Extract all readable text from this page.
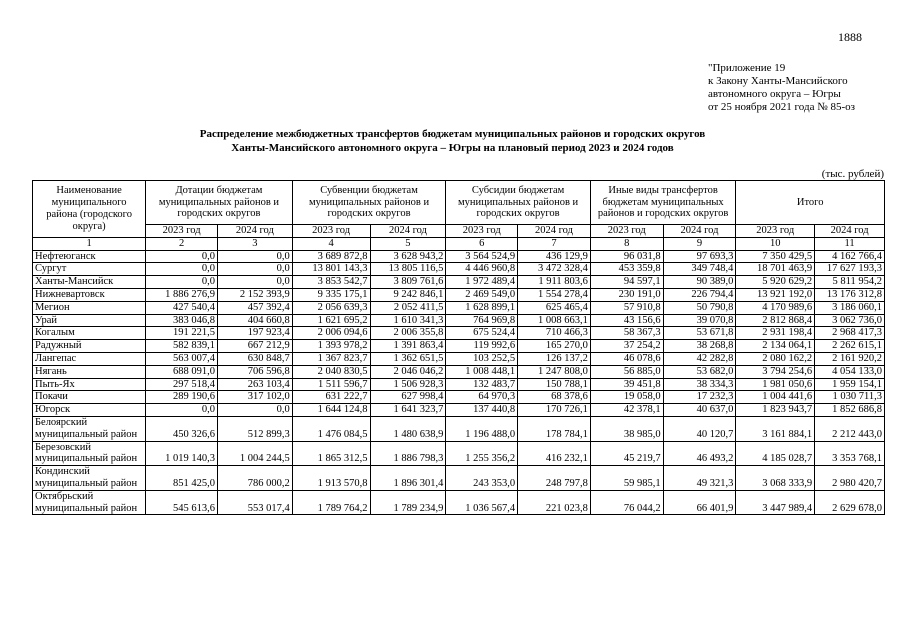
1888
"Приложение 19
к Закону Ханты-Мансийского
автономного округа – Югры
от 25 ноября 2021 года № 85-оз
Распределение межбюджетных трансфертов бюджетам муниципальных районов и городских округов
Ханты-Мансийского автономного округа – Югры на плановый период 2023 и 2024 годов
(тыс. рублей)
Наименование муниципального района (городского округа)	Дотации бюджетам муниципальных районов и городских округов		Субвенции бюджетам муниципальных районов и городских округов		Субсидии бюджетам муниципальных районов и городских округов		Иные виды трансфертов бюджетам муниципальных районов и городских округов		Итого	
	2023 год	2024 год	2023 год	2024 год	2023 год	2024 год	2023 год	2024 год	2023 год	2024 год
1	2	3	4	5	6	7	8	9	10	11
Нефтеюганск	0,0	0,0	3 689 872,8	3 628 943,2	3 564 524,9	436 129,9	96 031,8	97 693,3	7 350 429,5	4 162 766,4
Сургут	0,0	0,0	13 801 143,3	13 805 116,5	4 446 960,8	3 472 328,4	453 359,8	349 748,4	18 701 463,9	17 627 193,3
Ханты-Мансийск	0,0	0,0	3 853 542,7	3 809 761,6	1 972 489,4	1 911 803,6	94 597,1	90 389,0	5 920 629,2	5 811 954,2
Нижневартовск	1 886 276,9	2 152 393,9	9 335 175,1	9 242 846,1	2 469 549,0	1 554 278,4	230 191,0	226 794,4	13 921 192,0	13 176 312,8
Мегион	427 540,4	457 392,4	2 056 639,3	2 052 411,5	1 628 899,1	625 465,4	57 910,8	50 790,8	4 170 989,6	3 186 060,1
Урай	383 046,8	404 660,8	1 621 695,2	1 610 341,3	764 969,8	1 008 663,1	43 156,6	39 070,8	2 812 868,4	3 062 736,0
Когалым	191 221,5	197 923,4	2 006 094,6	2 006 355,8	675 524,4	710 466,3	58 367,3	53 671,8	2 931 198,4	2 968 417,3
Радужный	582 839,1	667 212,9	1 393 978,2	1 391 863,4	119 992,6	165 270,0	37 254,2	38 268,8	2 134 064,1	2 262 615,1
Лангепас	563 007,4	630 848,7	1 367 823,7	1 362 651,5	103 252,5	126 137,2	46 078,6	42 282,8	2 080 162,2	2 161 920,2
Нягань	688 091,0	706 596,8	2 040 830,5	2 046 046,2	1 008 448,1	1 247 808,0	56 885,0	53 682,0	3 794 254,6	4 054 133,0
Пыть-Ях	297 518,4	263 103,4	1 511 596,7	1 506 928,3	132 483,7	150 788,1	39 451,8	38 334,3	1 981 050,6	1 959 154,1
Покачи	289 190,6	317 102,0	631 222,7	627 998,4	64 970,3	68 378,6	19 058,0	17 232,3	1 004 441,6	1 030 711,3
Югорск	0,0	0,0	1 644 124,8	1 641 323,7	137 440,8	170 726,1	42 378,1	40 637,0	1 823 943,7	1 852 686,8
Белоярский муниципальный район	450 326,6	512 899,3	1 476 084,5	1 480 638,9	1 196 488,0	178 784,1	38 985,0	40 120,7	3 161 884,1	2 212 443,0
Березовский муниципальный район	1 019 140,3	1 004 244,5	1 865 312,5	1 886 798,3	1 255 356,2	416 232,1	45 219,7	46 493,2	4 185 028,7	3 353 768,1
Кондинский муниципальный район	851 425,0	786 000,2	1 913 570,8	1 896 301,4	243 353,0	248 797,8	59 985,1	49 321,3	3 068 333,9	2 980 420,7
Октябрьский муниципальный район	545 613,6	553 017,4	1 789 764,2	1 789 234,9	1 036 567,4	221 023,8	76 044,2	66 401,9	3 447 989,4	2 629 678,0
